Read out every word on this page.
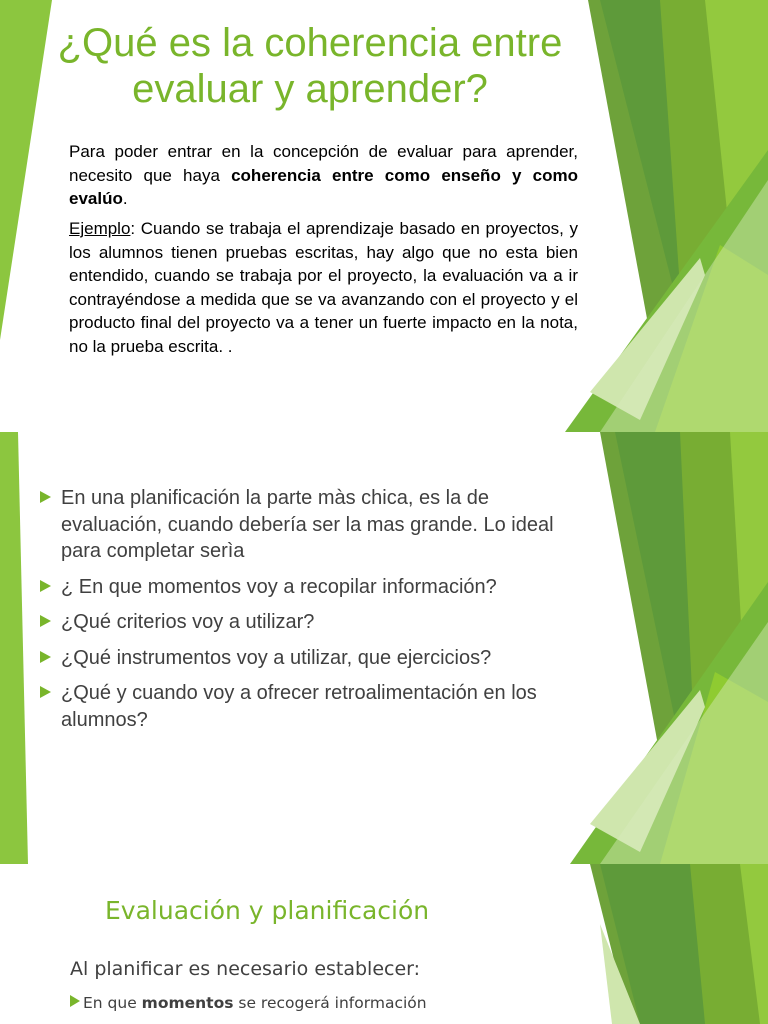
¿Qué es la coherencia entre evaluar y aprender?

Para poder entrar en la concepción de evaluar para aprender, necesito que haya coherencia entre como enseño y como evalúo.

Ejemplo: Cuando se trabaja el aprendizaje basado en proyectos, y los alumnos tienen pruebas escritas, hay algo que no esta bien entendido, cuando se trabaja por el proyecto, la evaluación va a ir contrayéndose a medida que se va avanzando con el proyecto y el producto final del proyecto va a tener un fuerte impacto en la nota, no la prueba escrita. .

En una planificación la parte màs chica, es la de evaluación, cuando debería ser la mas grande. Lo ideal para completar serìa
¿ En que momentos voy a recopilar información?
¿Qué criterios voy a utilizar?
¿Qué instrumentos voy a utilizar, que ejercicios?
¿Qué y cuando voy a ofrecer retroalimentación en los alumnos?
Evaluación y planificación

Al planificar es necesario establecer:

En que momentos se recogerá información
